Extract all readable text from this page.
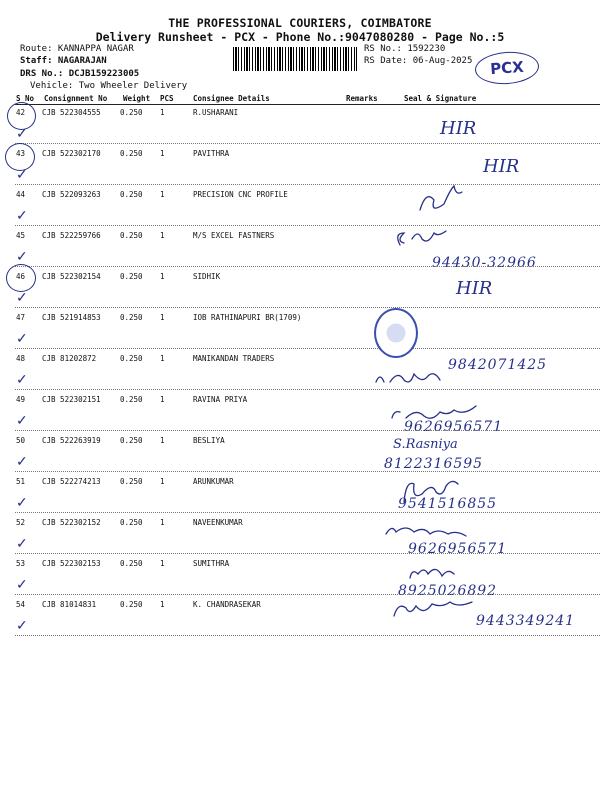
THE PROFESSIONAL COURIERS, COIMBATORE
Delivery Runsheet - PCX - Phone No.:9047080280 - Page No.:5
Route: KANNAPPA NAGAR
Staff: NAGARAJAN
DRS No.: DCJB159223005
Vehicle: Two Wheeler Delivery
RS No.: 1592230
RS Date: 06-Aug-2025	PCX
S No Consignment No Weight PCS	Consignee Details	Remarks	Seal & Signature
42 CJB 522304555	0.250 1	R.USHARANI
✓	HIR
43 CJB 522302170	0.250 1	PAVITHRA
✓	HIR
44 CJB 522093263	0.250 1	PRECISION CNC PROFILE
✓
45 CJB 522259766	0.250 1	M/S EXCEL FASTNERS
✓	94430-32966
46 CJB 522302154	0.250 1	SIDHIK
✓	HIR
47 CJB 521914853	0.250 1	IOB RATHINAPURI BR(1709)
✓
48 CJB 81202872	0.250 1	MANIKANDAN TRADERS
✓
9842071425
49 CJB 522302151	0.250 1	RAVINA PRIYA
✓	9626956571
50 CJB 522263919	0.250 1	BESLIYA
✓
S.Rasniya
8122316595
51 CJB 522274213	0.250 1	ARUNKUMAR
✓	9541516855
52 CJB 522302152	0.250 1	NAVEENKUMAR
✓	9626956571
53 CJB 522302153	0.250 1	SUMITHRA
✓	8925026892
54 CJB 81014831	0.250 1	K. CHANDRASEKAR
✓	9443349241
